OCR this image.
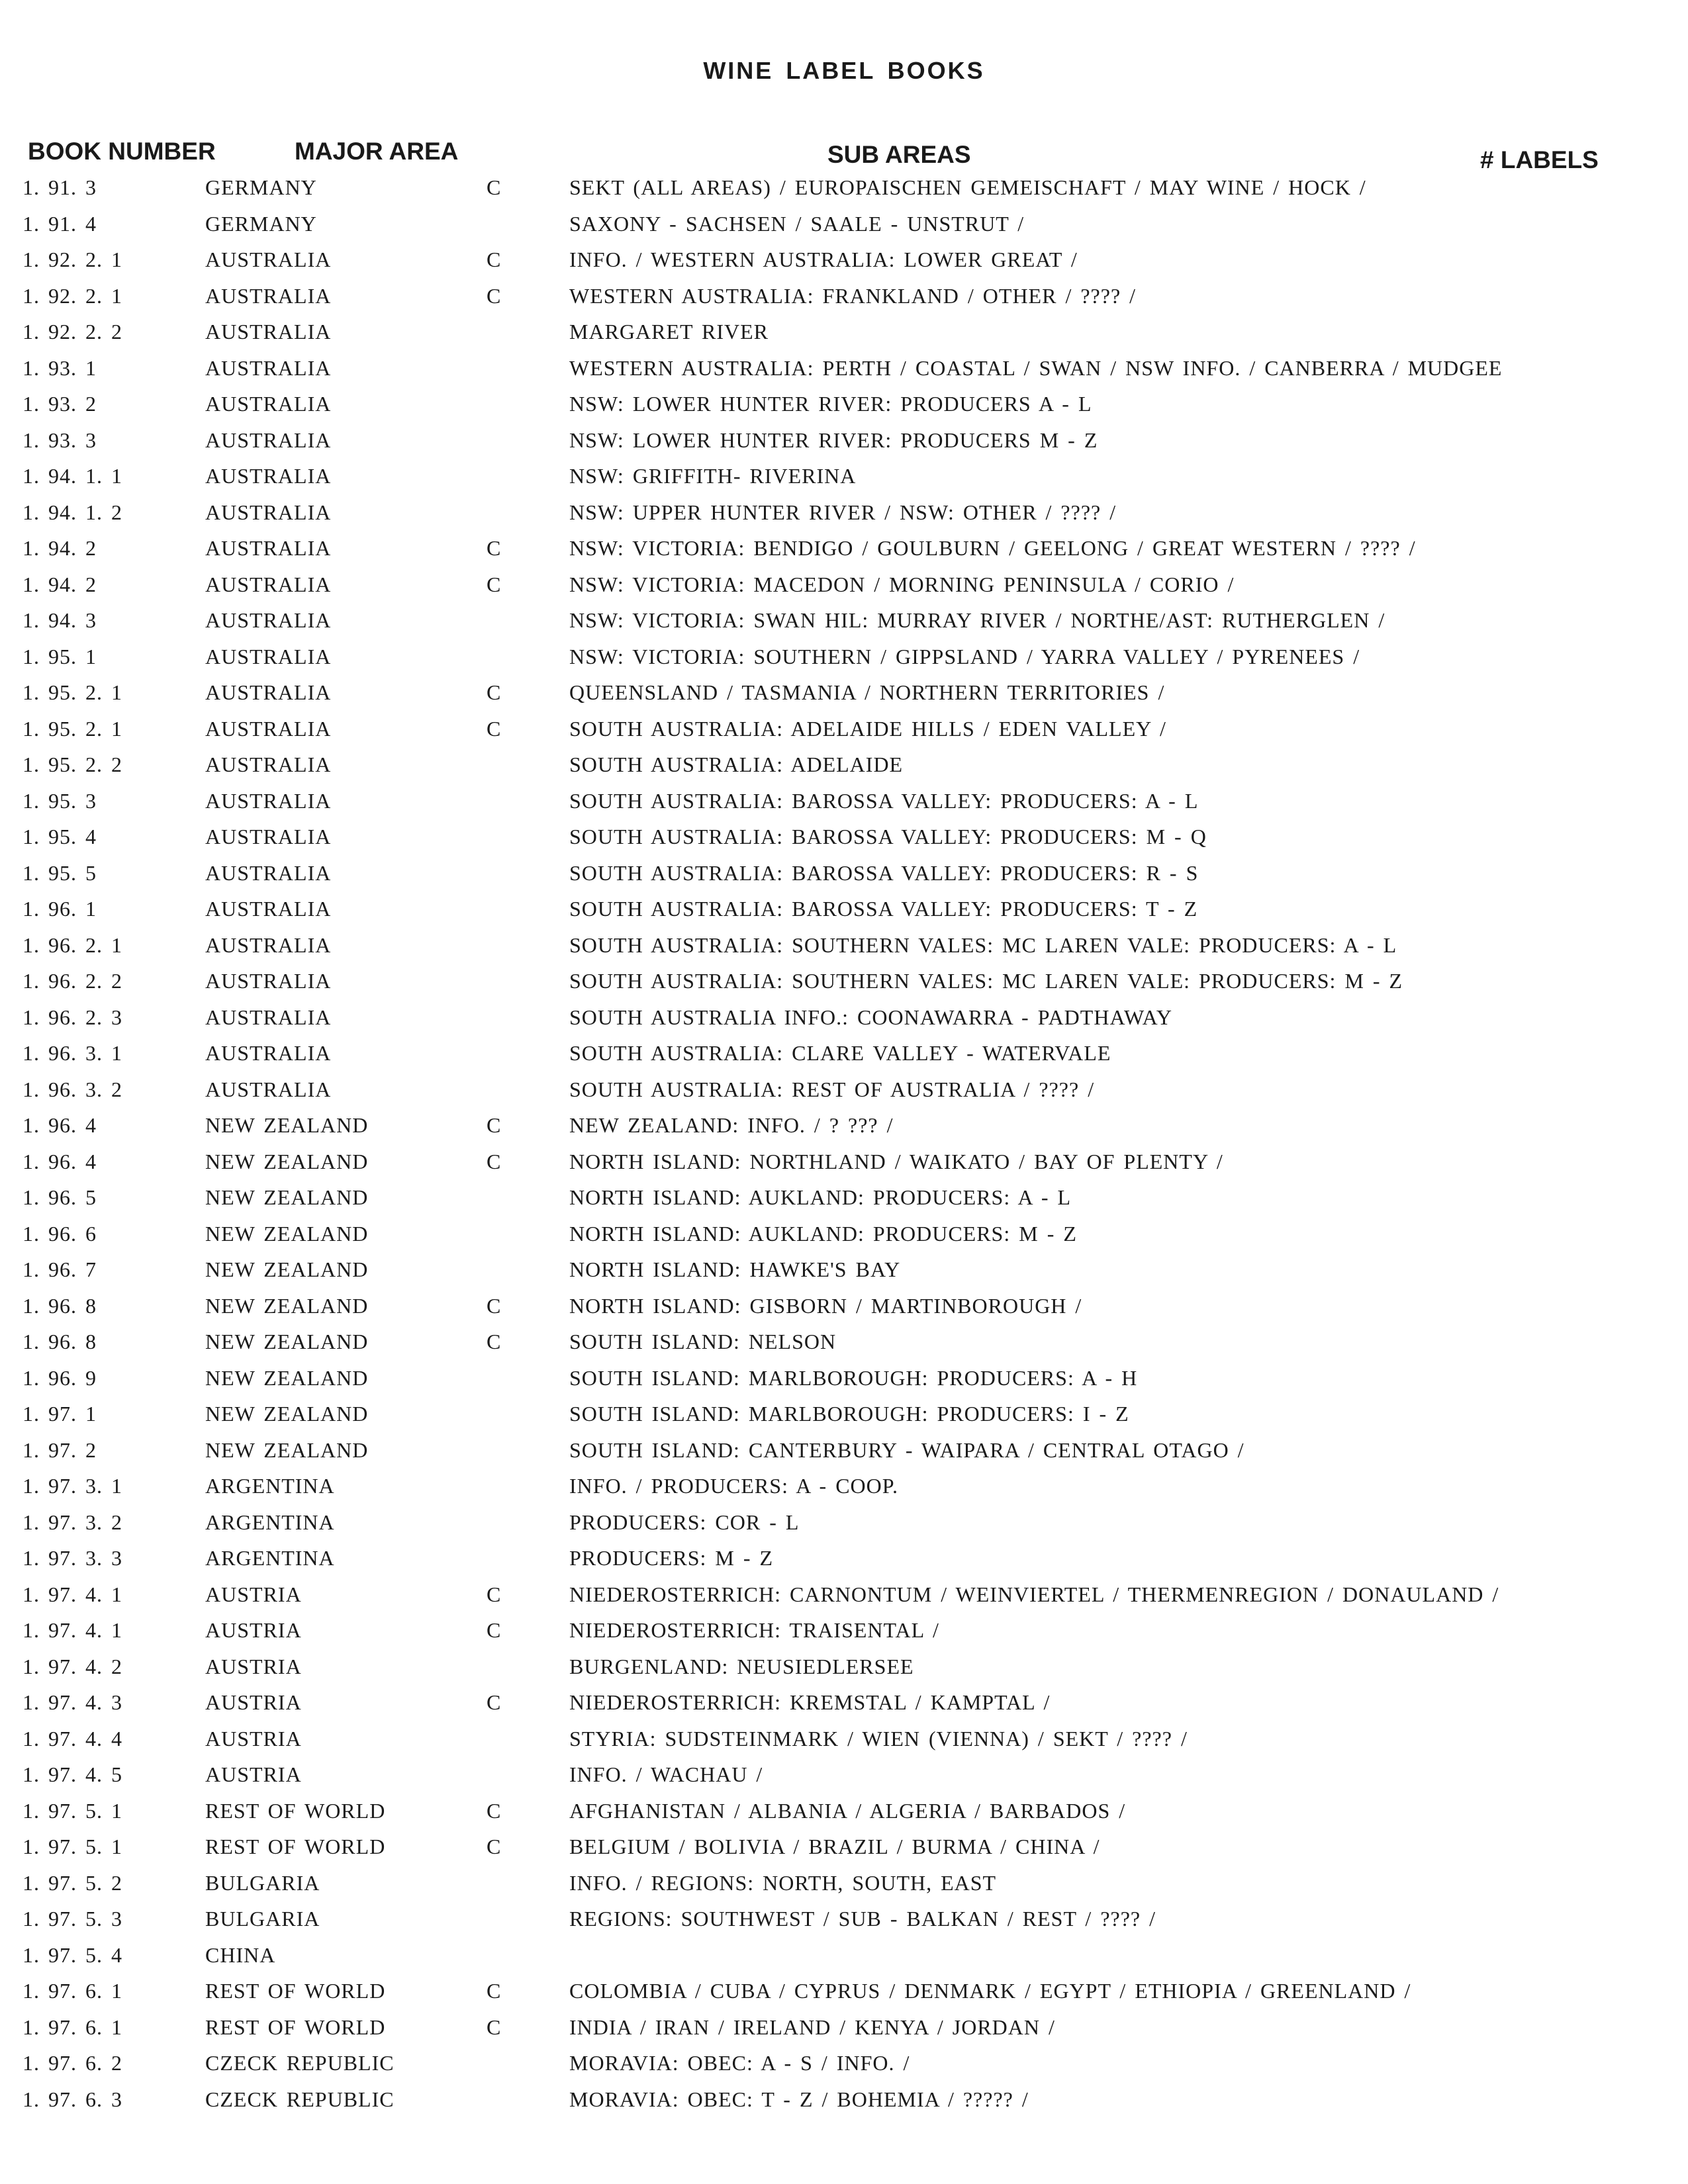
WINE LABEL BOOKS
BOOK NUMBER	MAJOR AREA	SUB AREAS	# LABELS
1. 91. 3	GERMANY	C	SEKT (ALL AREAS) / EUROPAISCHEN GEMEISCHAFT / MAY WINE / HOCK /
1. 91. 4	GERMANY	SAXONY - SACHSEN / SAALE - UNSTRUT /
1. 92. 2. 1	AUSTRALIA	C	INFO. / WESTERN AUSTRALIA: LOWER GREAT /
1. 92. 2. 1	AUSTRALIA	C	WESTERN AUSTRALIA: FRANKLAND / OTHER / ???? /
1. 92. 2. 2	AUSTRALIA	MARGARET RIVER
1. 93. 1	AUSTRALIA	WESTERN AUSTRALIA: PERTH / COASTAL / SWAN / NSW INFO. / CANBERRA / MUDGEE
1. 93. 2	AUSTRALIA	NSW: LOWER HUNTER RIVER: PRODUCERS A - L
1. 93. 3	AUSTRALIA	NSW: LOWER HUNTER RIVER: PRODUCERS M - Z
1. 94. 1. 1	AUSTRALIA	NSW: GRIFFITH- RIVERINA
1. 94. 1. 2	AUSTRALIA	NSW: UPPER HUNTER RIVER / NSW: OTHER / ???? /
1. 94. 2	AUSTRALIA	C	NSW: VICTORIA: BENDIGO / GOULBURN / GEELONG / GREAT WESTERN / ???? /
1. 94. 2	AUSTRALIA	C	NSW: VICTORIA: MACEDON / MORNING PENINSULA / CORIO /
1. 94. 3	AUSTRALIA	NSW: VICTORIA: SWAN HIL: MURRAY RIVER / NORTHE/AST: RUTHERGLEN /
1. 95. 1	AUSTRALIA	NSW: VICTORIA: SOUTHERN / GIPPSLAND / YARRA VALLEY / PYRENEES /
1. 95. 2. 1	AUSTRALIA	C	QUEENSLAND / TASMANIA / NORTHERN TERRITORIES /
1. 95. 2. 1	AUSTRALIA	C	SOUTH AUSTRALIA: ADELAIDE HILLS / EDEN VALLEY /
1. 95. 2. 2	AUSTRALIA	SOUTH AUSTRALIA: ADELAIDE
1. 95. 3	AUSTRALIA	SOUTH AUSTRALIA: BAROSSA VALLEY: PRODUCERS: A - L
1. 95. 4	AUSTRALIA	SOUTH AUSTRALIA: BAROSSA VALLEY: PRODUCERS: M - Q
1. 95. 5	AUSTRALIA	SOUTH AUSTRALIA: BAROSSA VALLEY: PRODUCERS: R - S
1. 96. 1	AUSTRALIA	SOUTH AUSTRALIA: BAROSSA VALLEY: PRODUCERS: T - Z
1. 96. 2. 1	AUSTRALIA	SOUTH AUSTRALIA: SOUTHERN VALES: MC LAREN VALE: PRODUCERS: A - L
1. 96. 2. 2	AUSTRALIA	SOUTH AUSTRALIA: SOUTHERN VALES: MC LAREN VALE: PRODUCERS: M - Z
1. 96. 2. 3	AUSTRALIA	SOUTH AUSTRALIA INFO.: COONAWARRA - PADTHAWAY
1. 96. 3. 1	AUSTRALIA	SOUTH AUSTRALIA: CLARE VALLEY - WATERVALE
1. 96. 3. 2	AUSTRALIA	SOUTH AUSTRALIA: REST OF AUSTRALIA / ???? /
1. 96. 4	NEW ZEALAND	C	NEW ZEALAND: INFO. / ? ??? /
1. 96. 4	NEW ZEALAND	C	NORTH ISLAND: NORTHLAND / WAIKATO / BAY OF PLENTY /
1. 96. 5	NEW ZEALAND	NORTH ISLAND: AUKLAND: PRODUCERS: A - L
1. 96. 6	NEW ZEALAND	NORTH ISLAND: AUKLAND: PRODUCERS: M - Z
1. 96. 7	NEW ZEALAND	NORTH ISLAND: HAWKE'S BAY
1. 96. 8	NEW ZEALAND	C	NORTH ISLAND: GISBORN / MARTINBOROUGH /
1. 96. 8	NEW ZEALAND	C	SOUTH ISLAND: NELSON
1. 96. 9	NEW ZEALAND	SOUTH ISLAND: MARLBOROUGH: PRODUCERS: A - H
1. 97. 1	NEW ZEALAND	SOUTH ISLAND: MARLBOROUGH: PRODUCERS: I - Z
1. 97. 2	NEW ZEALAND	SOUTH ISLAND: CANTERBURY - WAIPARA / CENTRAL OTAGO /
1. 97. 3. 1	ARGENTINA	INFO. / PRODUCERS: A - COOP.
1. 97. 3. 2	ARGENTINA	PRODUCERS: COR - L
1. 97. 3. 3	ARGENTINA	PRODUCERS: M - Z
1. 97. 4. 1	AUSTRIA	C	NIEDEROSTERRICH: CARNONTUM / WEINVIERTEL / THERMENREGION / DONAULAND /
1. 97. 4. 1	AUSTRIA	C	NIEDEROSTERRICH: TRAISENTAL /
1. 97. 4. 2	AUSTRIA	BURGENLAND: NEUSIEDLERSEE
1. 97. 4. 3	AUSTRIA	C	NIEDEROSTERRICH: KREMSTAL / KAMPTAL /
1. 97. 4. 4	AUSTRIA	STYRIA: SUDSTEINMARK / WIEN (VIENNA) / SEKT / ???? /
1. 97. 4. 5	AUSTRIA	INFO. / WACHAU /
1. 97. 5. 1	REST OF WORLD	C	AFGHANISTAN / ALBANIA / ALGERIA / BARBADOS /
1. 97. 5. 1	REST OF WORLD	C	BELGIUM / BOLIVIA / BRAZIL / BURMA / CHINA /
1. 97. 5. 2	BULGARIA	INFO. / REGIONS: NORTH, SOUTH, EAST
1. 97. 5. 3	BULGARIA	REGIONS: SOUTHWEST / SUB - BALKAN / REST / ???? /
1. 97. 5. 4	CHINA
1. 97. 6. 1	REST OF WORLD	C	COLOMBIA / CUBA / CYPRUS / DENMARK / EGYPT / ETHIOPIA / GREENLAND /
1. 97. 6. 1	REST OF WORLD	C	INDIA / IRAN / IRELAND / KENYA / JORDAN /
1. 97. 6. 2	CZECK REPUBLIC	MORAVIA: OBEC: A - S / INFO. /
1. 97. 6. 3	CZECK REPUBLIC	MORAVIA: OBEC: T - Z / BOHEMIA / ????? /
